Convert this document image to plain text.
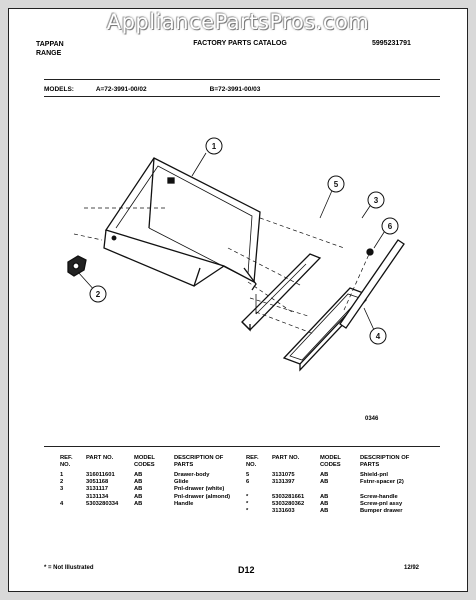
AppliancePartsPros.com
TAPPAN
RANGE
FACTORY PARTS CATALOG	5995231791
MODELS:	A=72-3991-00/02	B=72-3991-00/03
1
2
3
4
5
6
0346
REF. NO.	PART NO.	MODEL CODES	DESCRIPTION OF PARTS
1	316011601	AB	Drawer-body
2	3051168	AB	Glide
3	3131117	AB	Pnl-drawer (white)
	3131134	AB	Pnl-drawer (almond)
4	5303280334	AB	Handle
REF. NO.	PART NO.	MODEL CODES	DESCRIPTION OF PARTS
5	3131075	AB	Shield-pnl
6	3131397	AB	Fstnr-spacer (2)

*	5303281661	AB	Screw-handle
*	5303280362	AB	Screw-pnl assy
*	3131603	AB	Bumper drawer
* = Not Illustrated	D12	12/92
